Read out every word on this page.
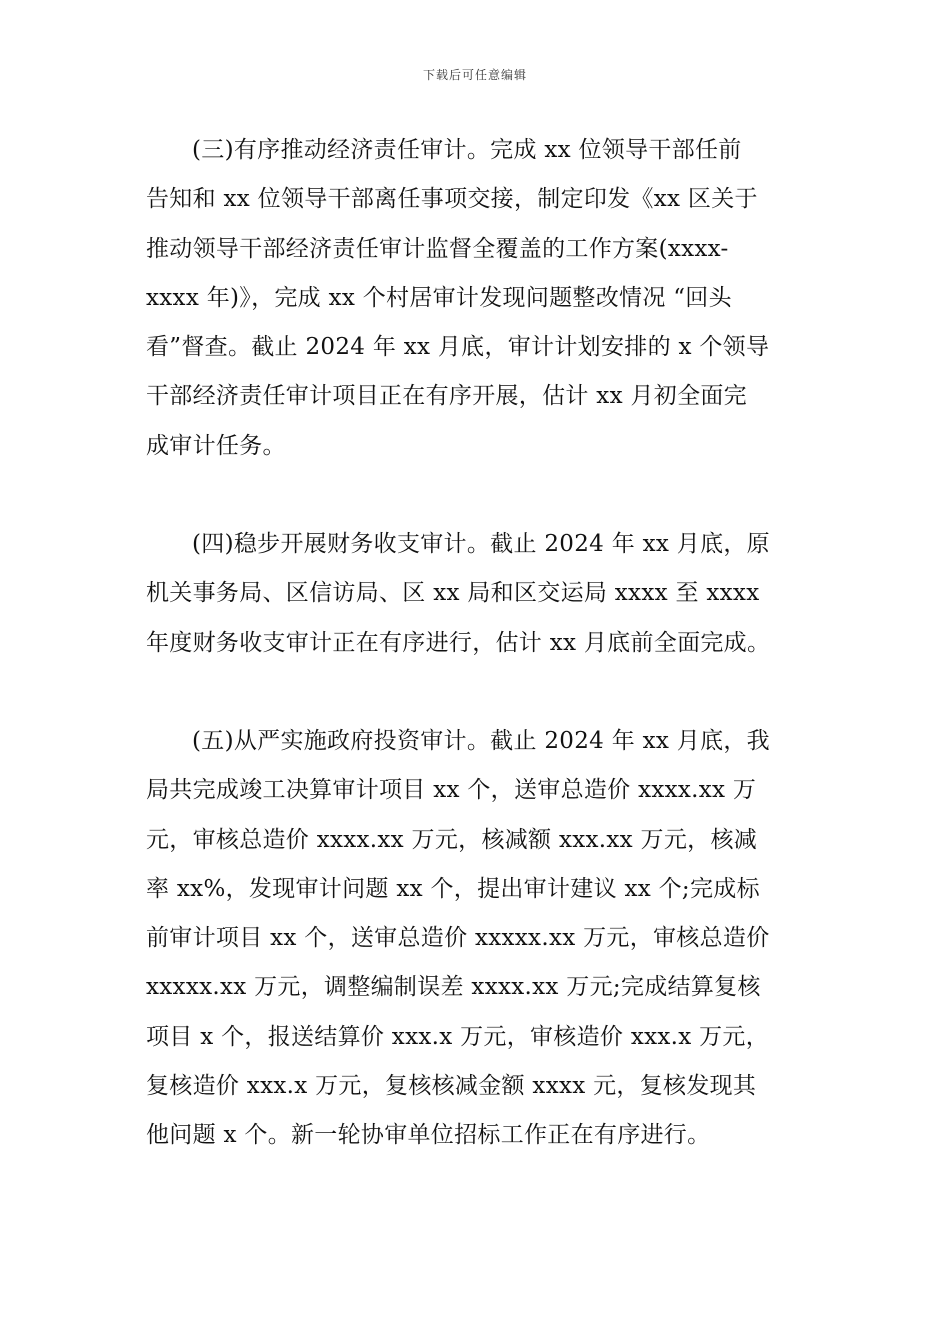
下载后可任意编辑

(三)有序推动经济责任审计。完成 xx 位领导干部任前
告知和 xx 位领导干部离任事项交接，制定印发《xx 区关于
推动领导干部经济责任审计监督全覆盖的工作方案(xxxx-
xxxx 年)》，完成 xx 个村居审计发现问题整改情况 “回头
看”督查。截止 2024 年 xx 月底，审计计划安排的 x 个领导
干部经济责任审计项目正在有序开展，估计 xx 月初全面完
成审计任务。

(四)稳步开展财务收支审计。截止 2024 年 xx 月底，原
机关事务局、区信访局、区 xx 局和区交运局 xxxx 至 xxxx
年度财务收支审计正在有序进行，估计 xx 月底前全面完成。

(五)从严实施政府投资审计。截止 2024 年 xx 月底，我
局共完成竣工决算审计项目 xx 个，送审总造价 xxxx.xx 万
元，审核总造价 xxxx.xx 万元，核减额 xxx.xx 万元，核减
率 xx%，发现审计问题 xx 个，提出审计建议 xx 个;完成标
前审计项目 xx 个，送审总造价 xxxxx.xx 万元，审核总造价
xxxxx.xx 万元，调整编制误差 xxxx.xx 万元;完成结算复核
项目 x 个，报送结算价 xxx.x 万元，审核造价 xxx.x 万元，
复核造价 xxx.x 万元，复核核减金额 xxxx 元，复核发现其
他问题 x 个。新一轮协审单位招标工作正在有序进行。
